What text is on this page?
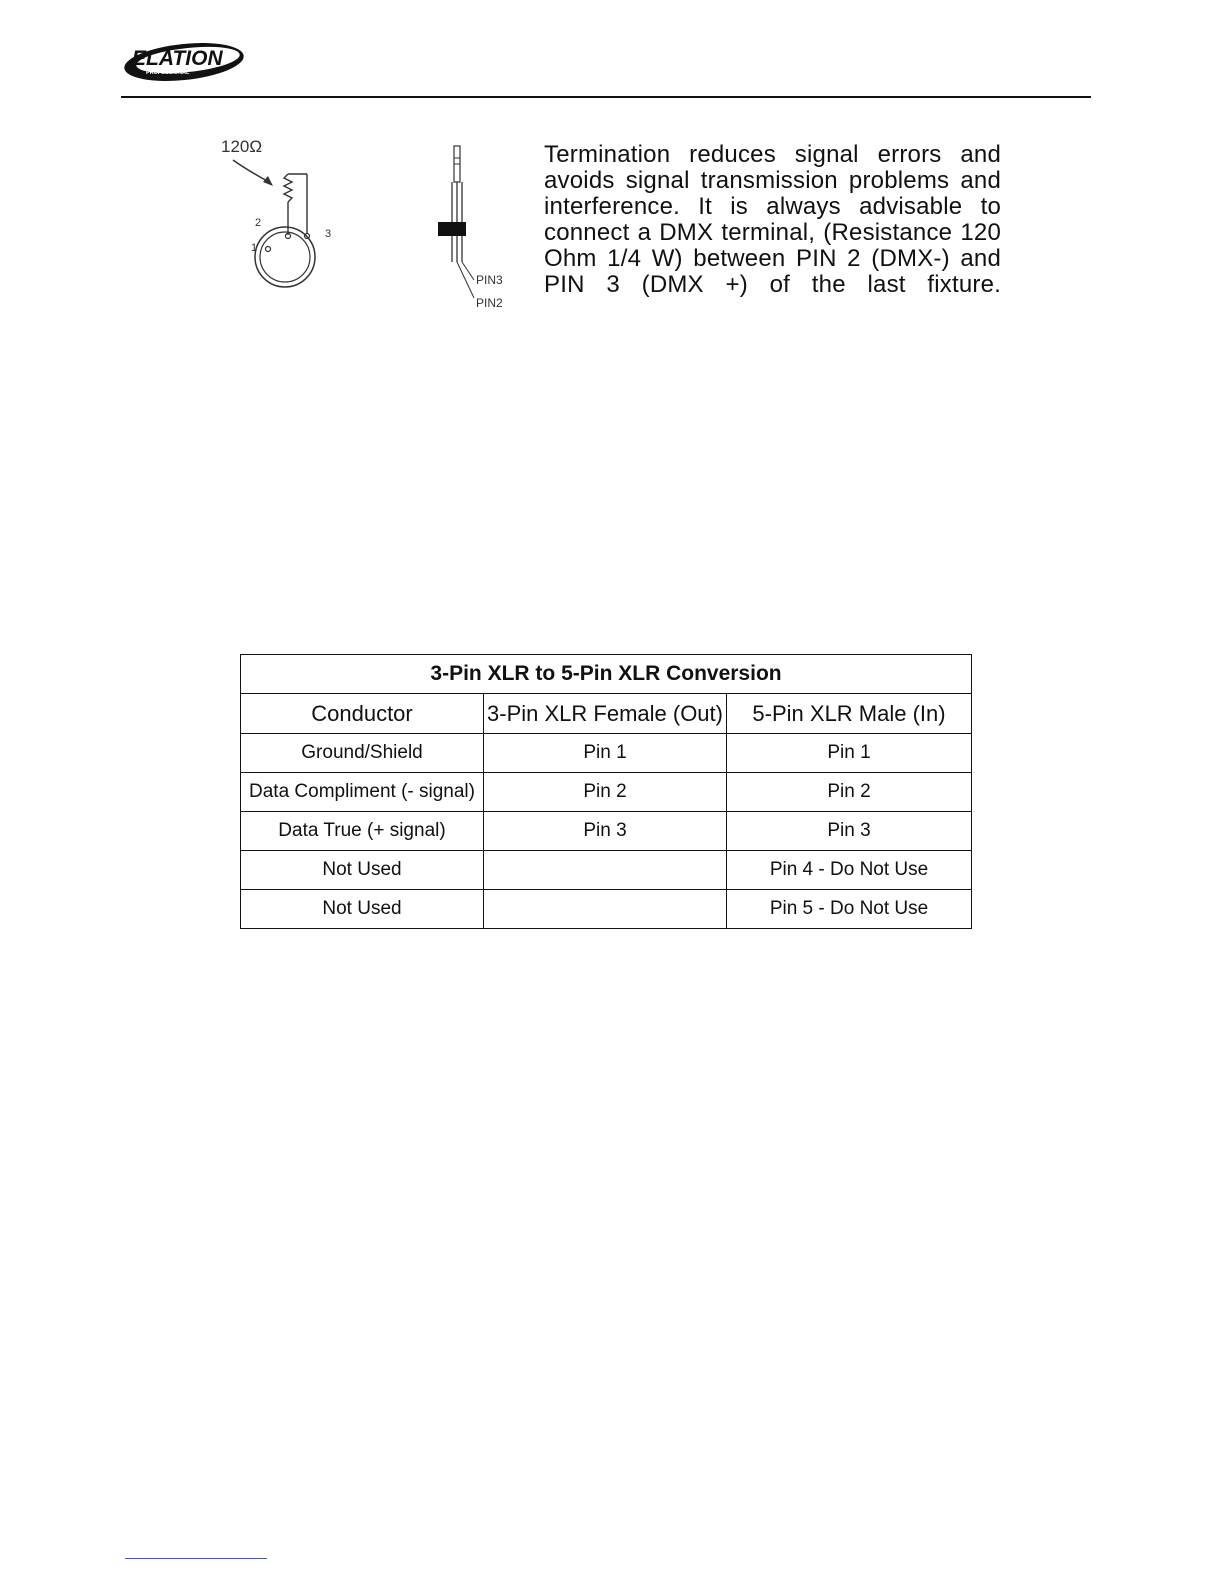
ELATION
PROFESSIONAL
120Ω
1
2
3
PIN3
PIN2

Termination reduces signal errors and avoids signal transmission problems and interference. It is always advisable to connect a DMX terminal, (Resistance 120 Ohm 1/4 W) between PIN 2 (DMX-) and PIN 3 (DMX +) of the last fixture.

3-Pin XLR to 5-Pin XLR Conversion		
Conductor	3-Pin XLR Female (Out)	5-Pin XLR Male (In)
Ground/Shield	Pin 1	Pin 1
Data Compliment (- signal)	Pin 2	Pin 2
Data True (+ signal)	Pin 3	Pin 3
Not Used		Pin 4 - Do Not Use
Not Used		Pin 5 - Do Not Use
